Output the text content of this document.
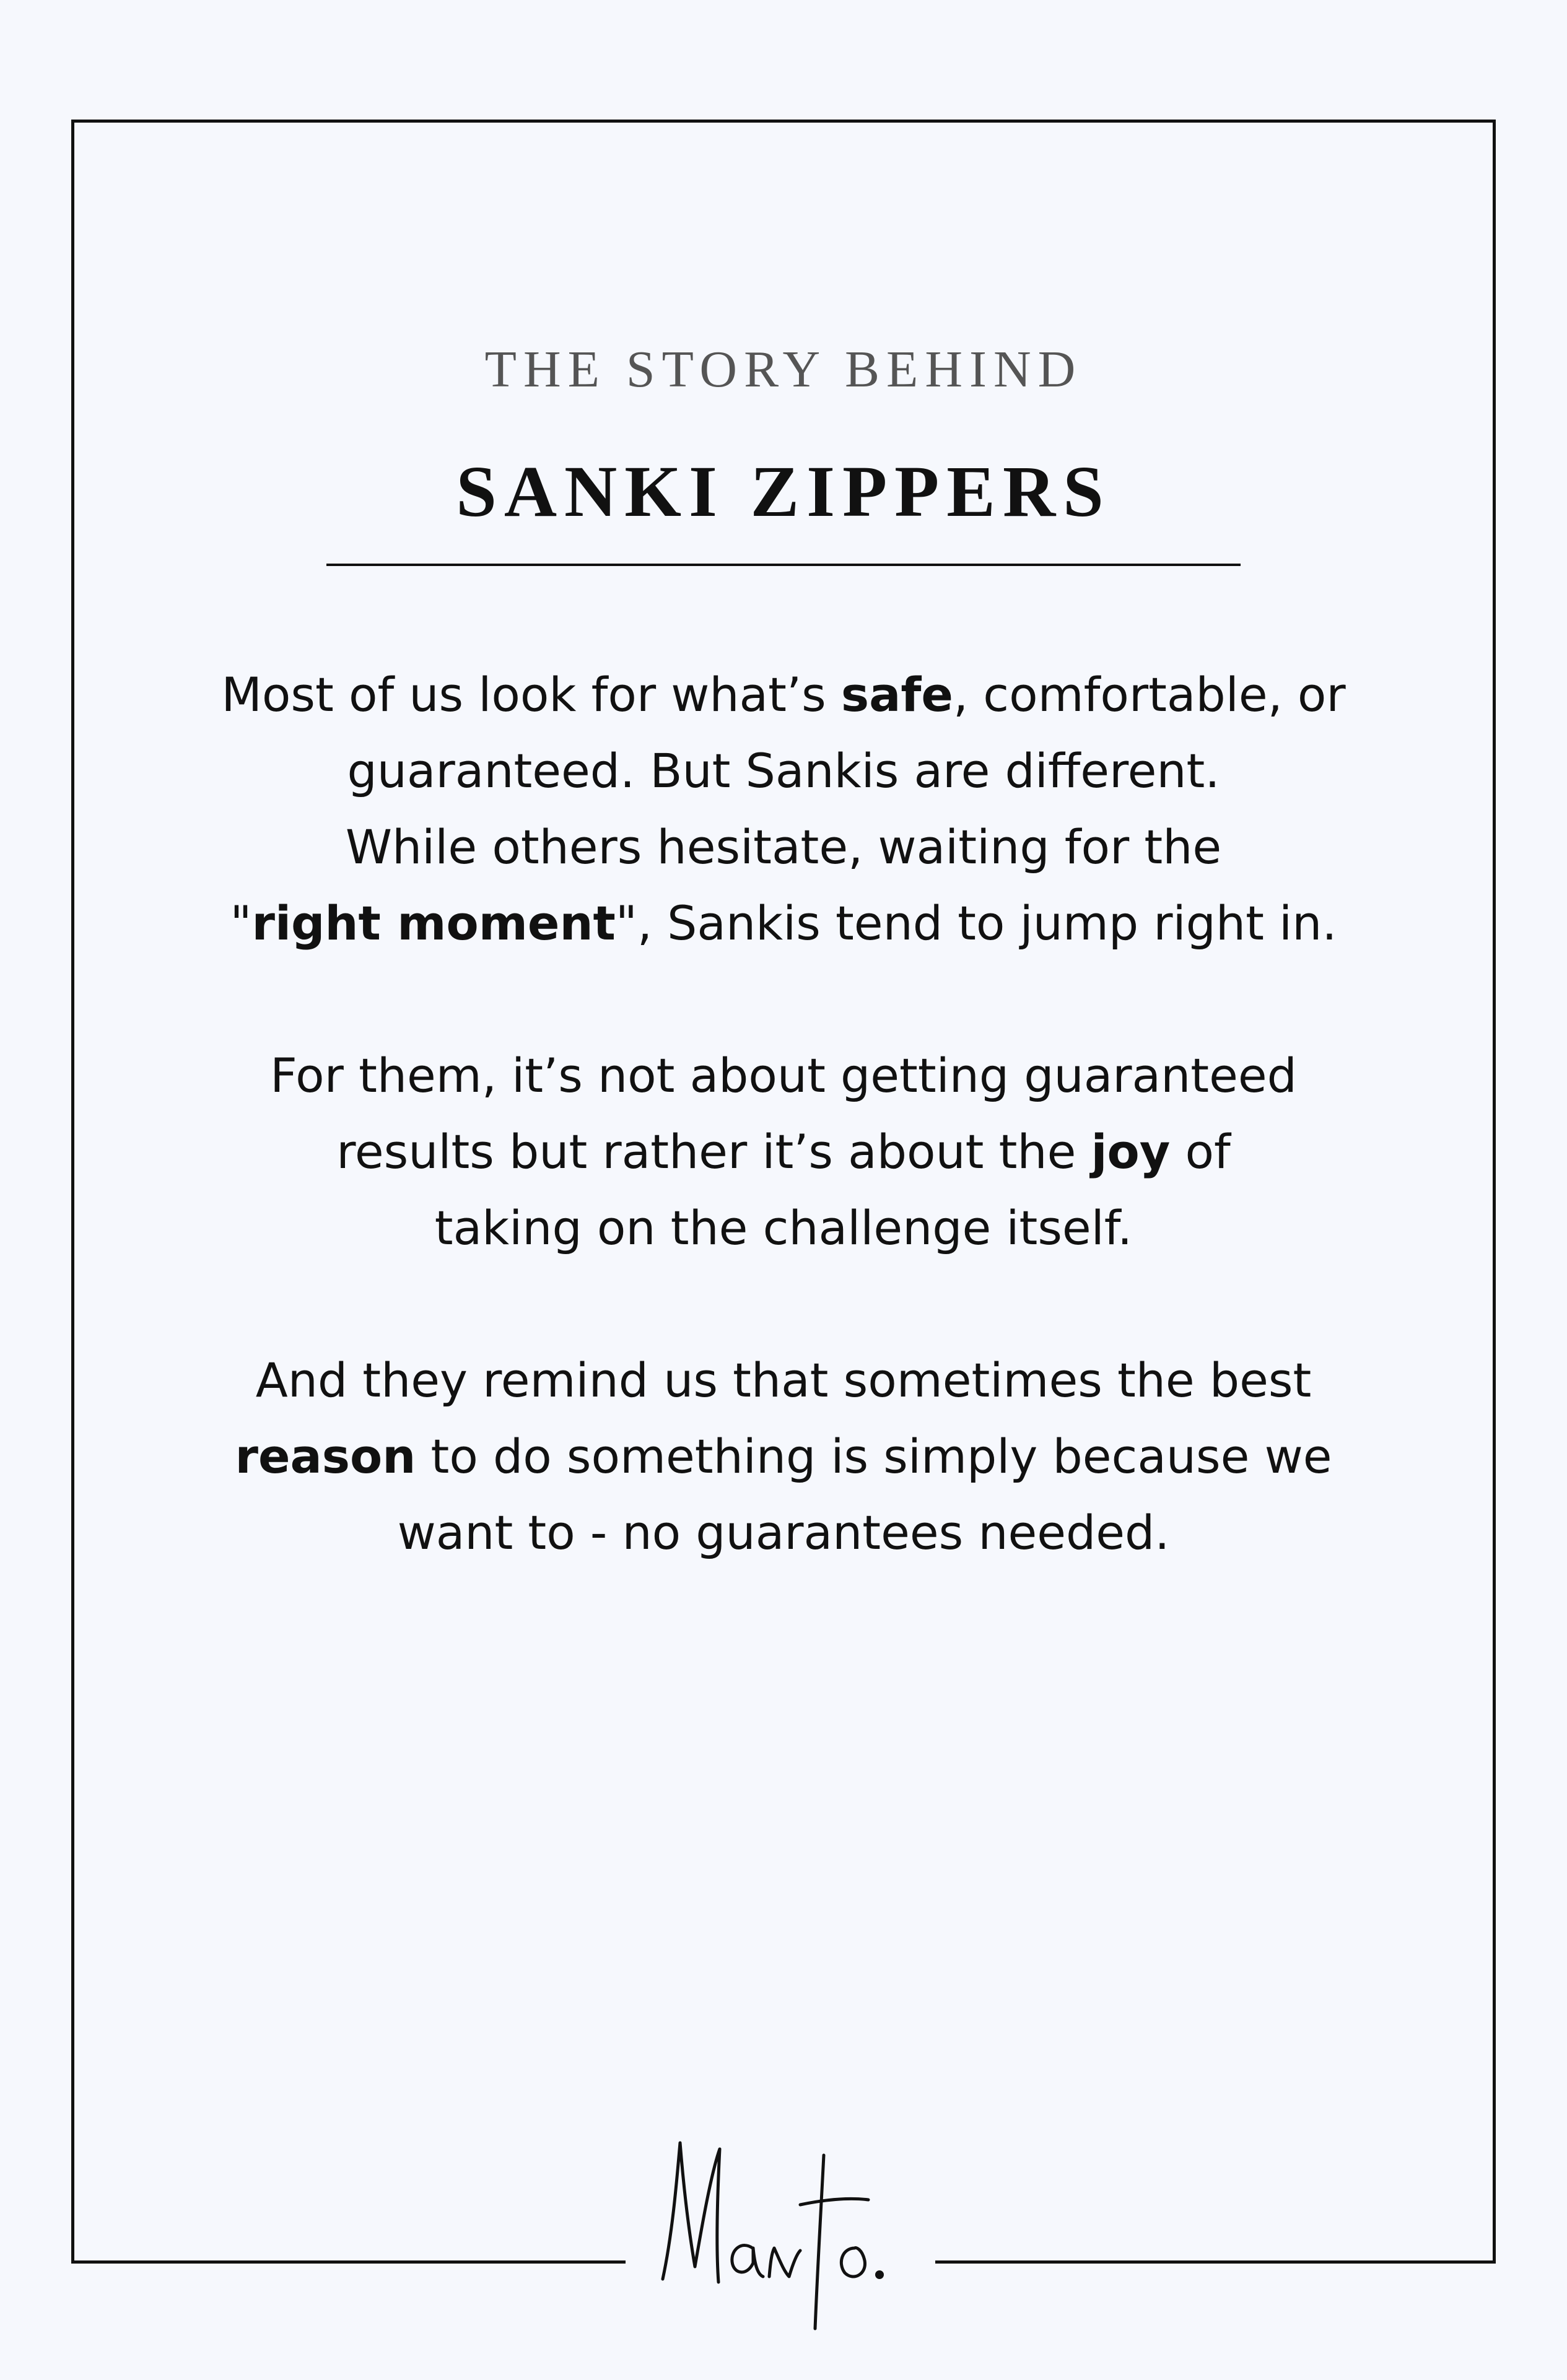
THE STORY BEHIND
SANKI ZIPPERS
Most of us look for what’s safe, comfortable, or
guaranteed. But Sankis are different.
While others hesitate, waiting for the
"right moment", Sankis tend to jump right in.
For them, it’s not about getting guaranteed
results but rather it’s about the joy of
taking on the challenge itself.
And they remind us that sometimes the best
reason to do something is simply because we
want to - no guarantees needed.
